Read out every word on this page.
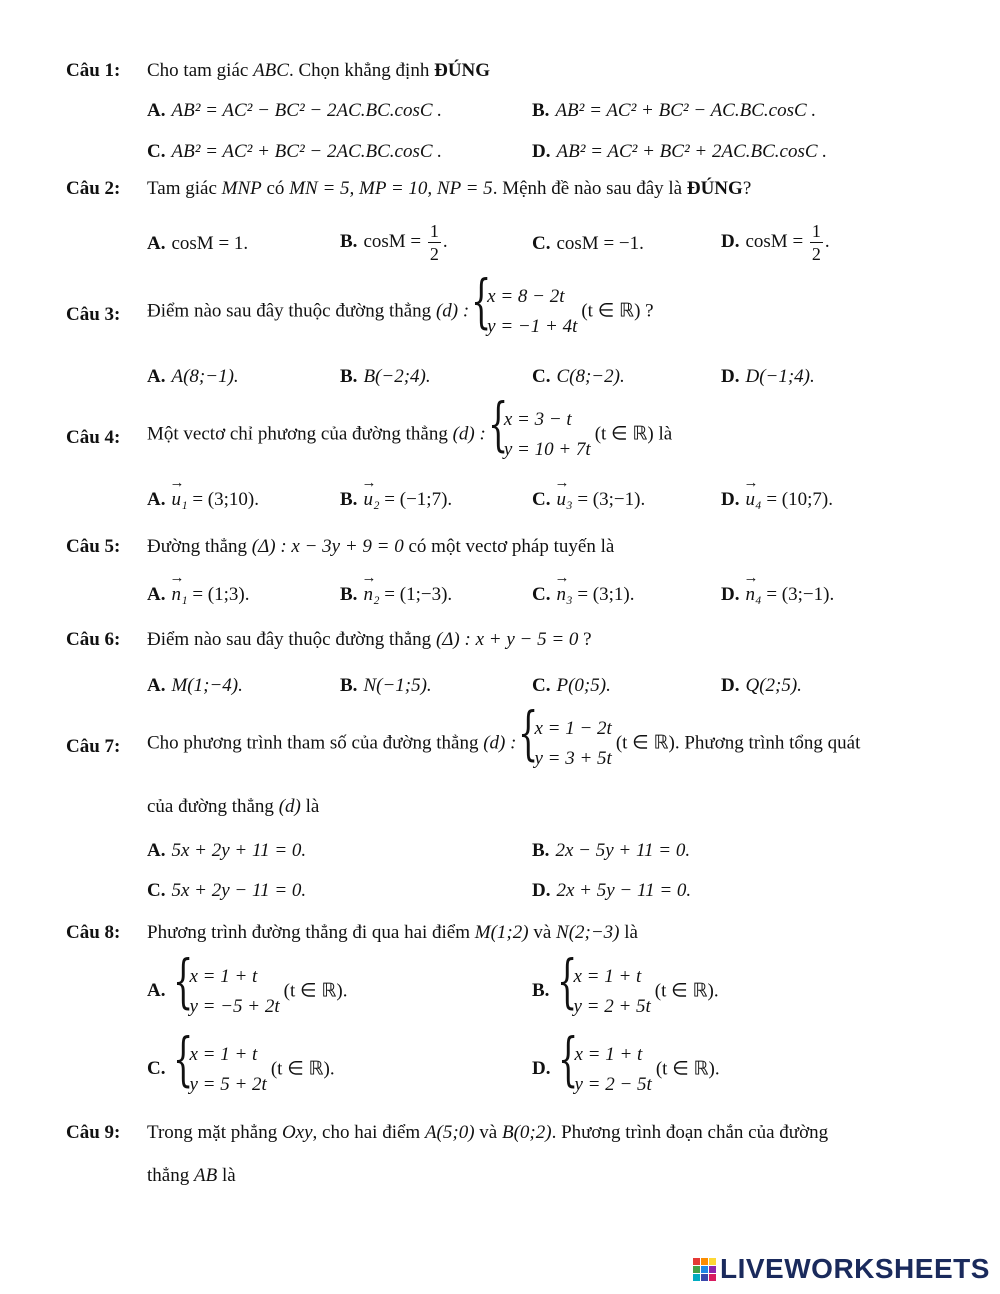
Câu 1: Cho tam giác ABC. Chọn khẳng định ĐÚNG
A. AB² = AC² − BC² − 2AC.BC.cosC .	B. AB² = AC² + BC² − AC.BC.cosC .
C. AB² = AC² + BC² − 2AC.BC.cosC .	D. AB² = AC² + BC² + 2AC.BC.cosC .
Câu 2: Tam giác MNP có MN = 5, MP = 10, NP = 5. Mệnh đề nào sau đây là ĐÚNG?
A. cosM = 1.	B. $\cos M = \frac{1}{2}$ .	C. cosM = −1.	D. $\cos M = \frac{1}{2}$ .
Câu 3: Điểm nào sau đây thuộc đường thẳng (d) :
{ x = 8 − 2t
y = −1 + 4t
(t ∈ ℝ) ?
A. A(8;−1).	B. B(−2;4).	C. C(8;−2).	D. D(−1;4).
Câu 4: Một vectơ chỉ phương của đường thẳng (d) :
{ x = 3 − t
y = 10 + 7t
(t ∈ ℝ) là
A. → u₁ = (3;10).	B. → u₂ = (−1;7).	C. → u₃ = (3;−1).	D. → u₄ = (10;7).
Câu 5: Đường thẳng (Δ) : x − 3y + 9 = 0 có một vectơ pháp tuyến là
A. → n₁ = (1;3).	B. → n₂ = (1;−3).	C. → n₃ = (3;1).	D. → n₄ = (3;−1).
Câu 6: Điểm nào sau đây thuộc đường thẳng (Δ) : x + y − 5 = 0 ?
A. M(1;−4).	B. N(−1;5).	C. P(0;5).	D. Q(2;5).
Câu 7: Cho phương trình tham số của đường thẳng (d) :
{ x = 1 − 2t
y = 3 + 5t
(t ∈ ℝ). Phương trình tổng quát
của đường thẳng (d) là
A. 5x + 2y + 11 = 0.	B. 2x − 5y + 11 = 0.
C. 5x + 2y − 11 = 0.	D. 2x + 5y − 11 = 0.
Câu 8: Phương trình đường thẳng đi qua hai điểm M(1;2) và N(2;−3) là
A.
{ x = 1 + t
y = −5 + 2t
(t ∈ ℝ).	B.
{ x = 1 + t
y = 2 + 5t
(t ∈ ℝ).
C.
{ x = 1 + t
y = 5 + 2t
(t ∈ ℝ).	D.
{ x = 1 + t
y = 2 − 5t
(t ∈ ℝ).
Câu 9: Trong mặt phẳng Oxy, cho hai điểm A(5;0) và B(0;2). Phương trình đoạn chắn của đường
thẳng AB là
LIVEWORKSHEETS
